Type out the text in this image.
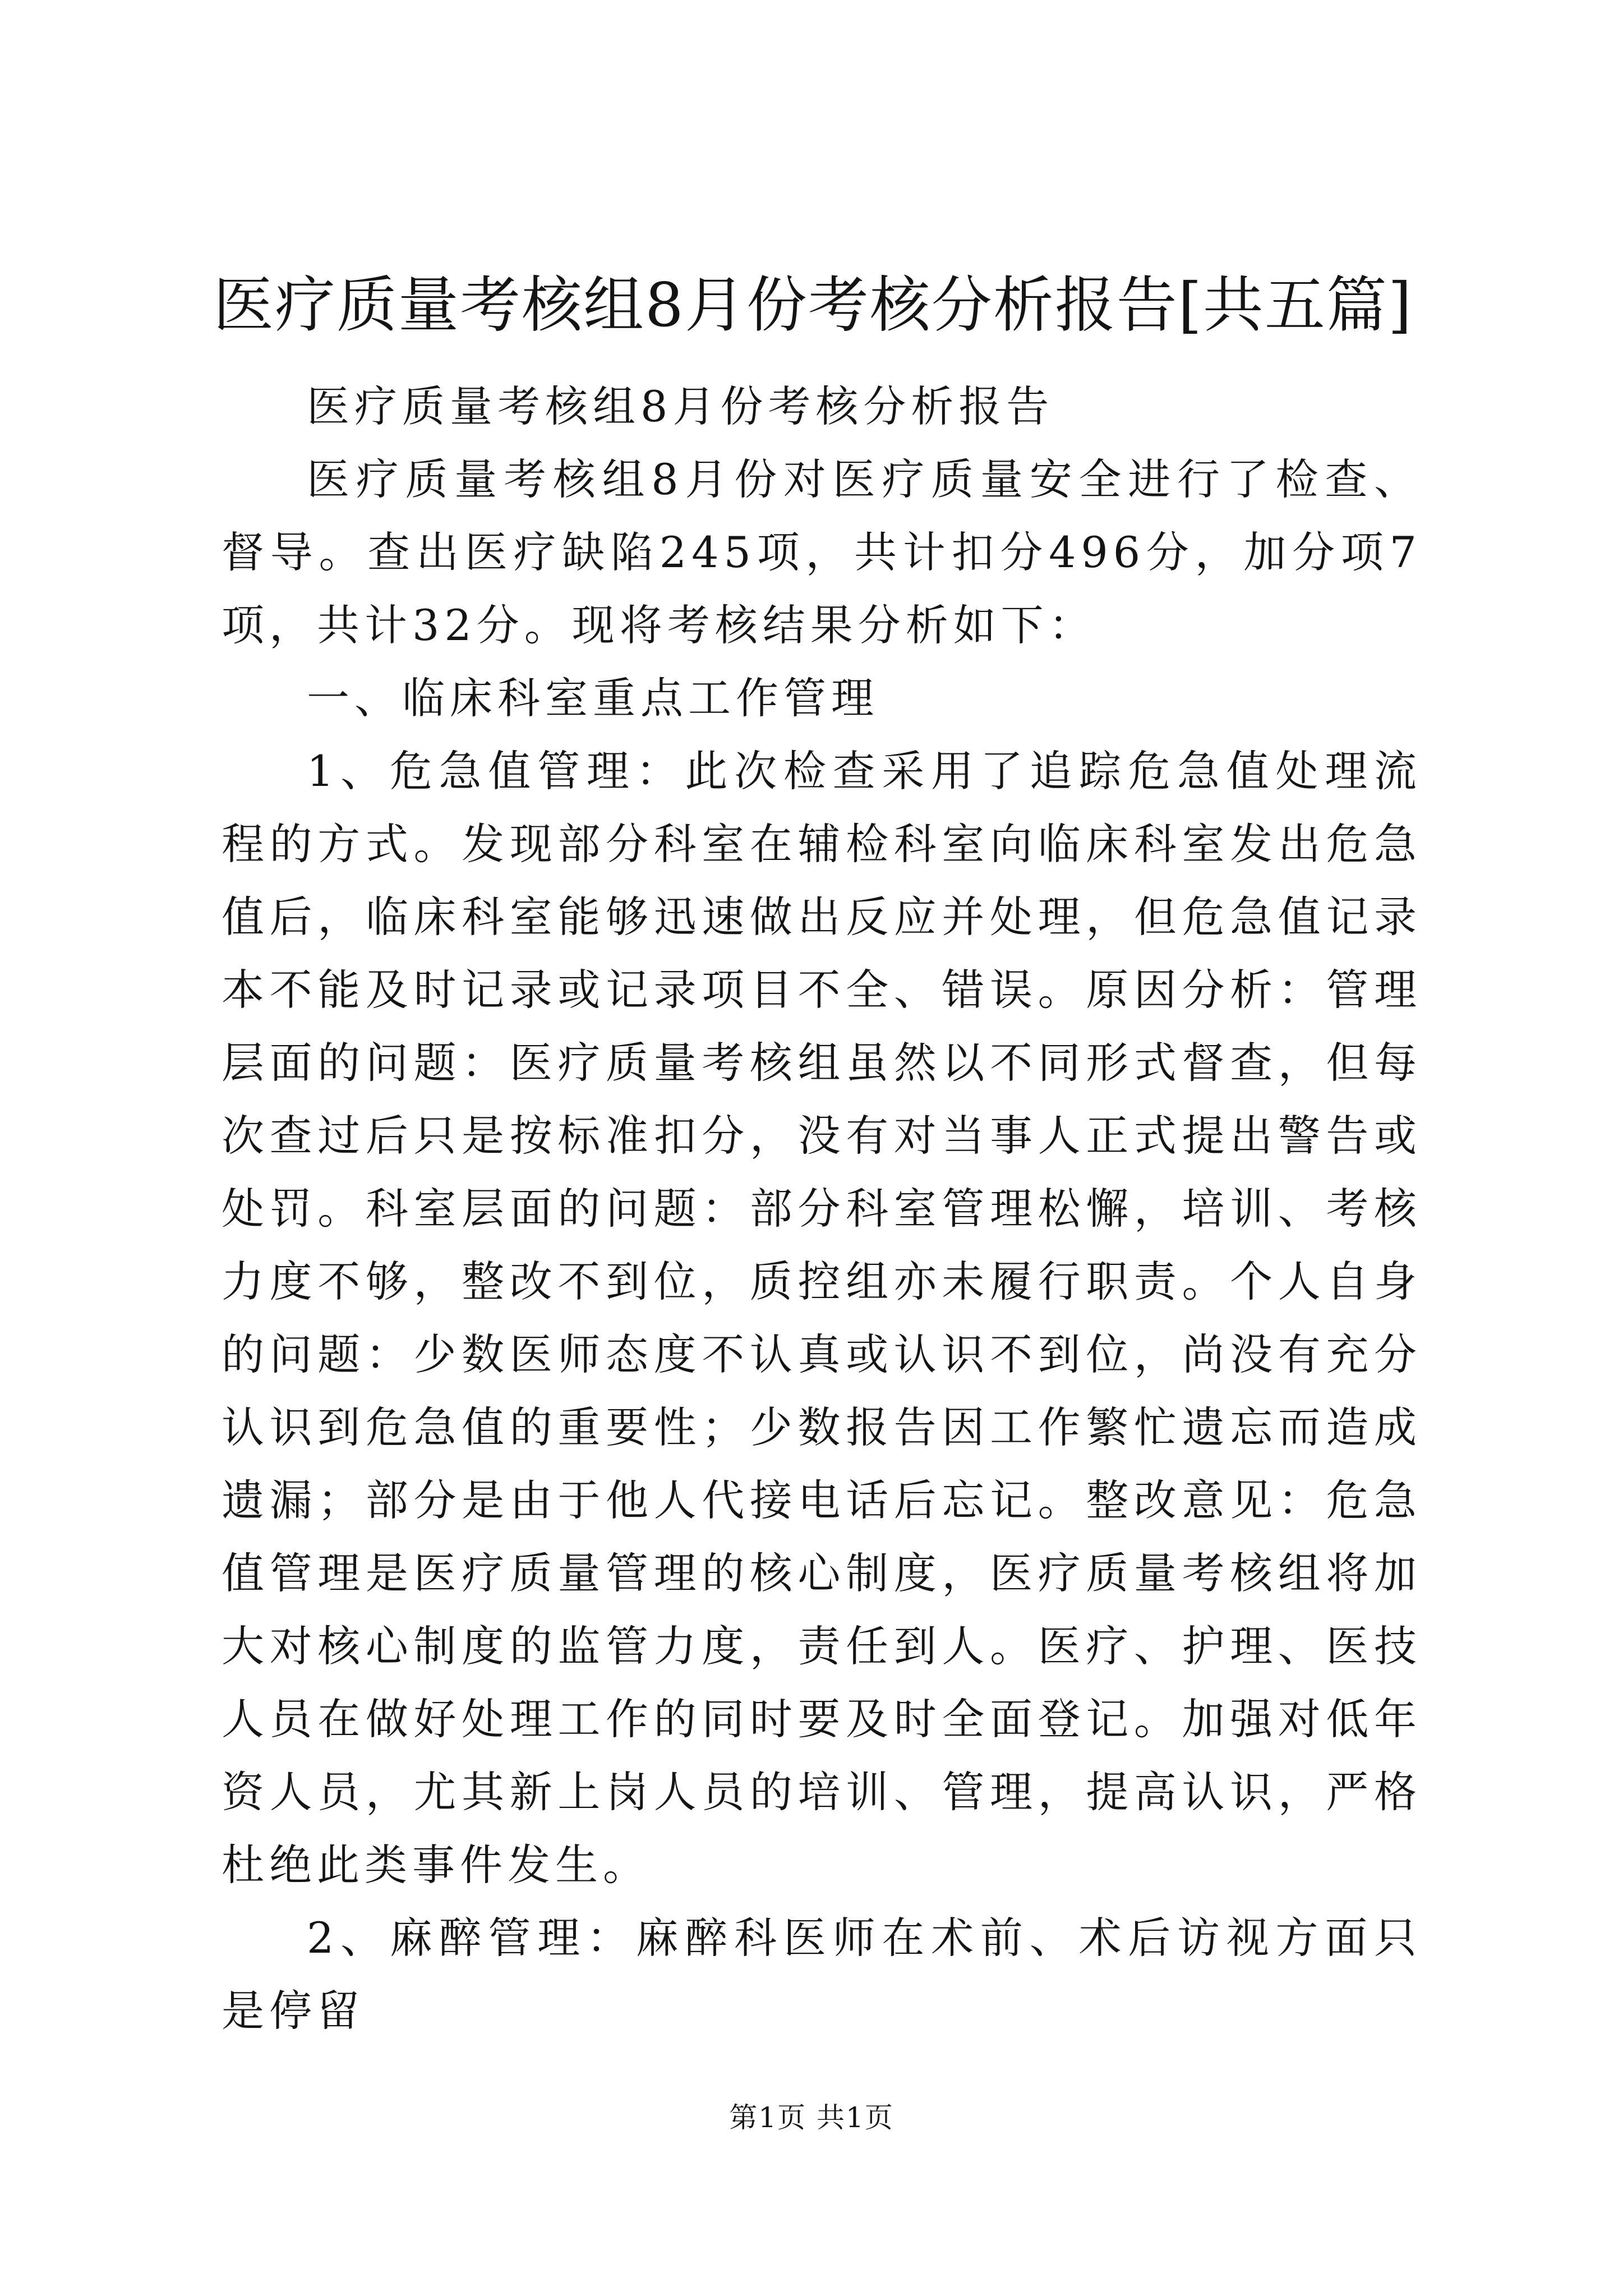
医疗质量考核组8月份考核分析报告[共五篇]

医疗质量考核组8月份考核分析报告

医疗质量考核组8月份对医疗质量安全进行了检查、督导。查出医疗缺陷245项，共计扣分496分，加分项7项，共计32分。现将考核结果分析如下：

一、临床科室重点工作管理

1、危急值管理：此次检查采用了追踪危急值处理流程的方式。发现部分科室在辅检科室向临床科室发出危急值后，临床科室能够迅速做出反应并处理，但危急值记录本不能及时记录或记录项目不全、错误。原因分析：管理层面的问题：医疗质量考核组虽然以不同形式督查，但每次查过后只是按标准扣分，没有对当事人正式提出警告或处罚。科室层面的问题：部分科室管理松懈，培训、考核力度不够，整改不到位，质控组亦未履行职责。个人自身的问题：少数医师态度不认真或认识不到位，尚没有充分认识到危急值的重要性；少数报告因工作繁忙遗忘而造成遗漏；部分是由于他人代接电话后忘记。整改意见：危急值管理是医疗质量管理的核心制度，医疗质量考核组将加大对核心制度的监管力度，责任到人。医疗、护理、医技人员在做好处理工作的同时要及时全面登记。加强对低年资人员，尤其新上岗人员的培训、管理，提高认识，严格杜绝此类事件发生。

2、麻醉管理：麻醉科医师在术前、术后访视方面只是停留

第1页 共1页
